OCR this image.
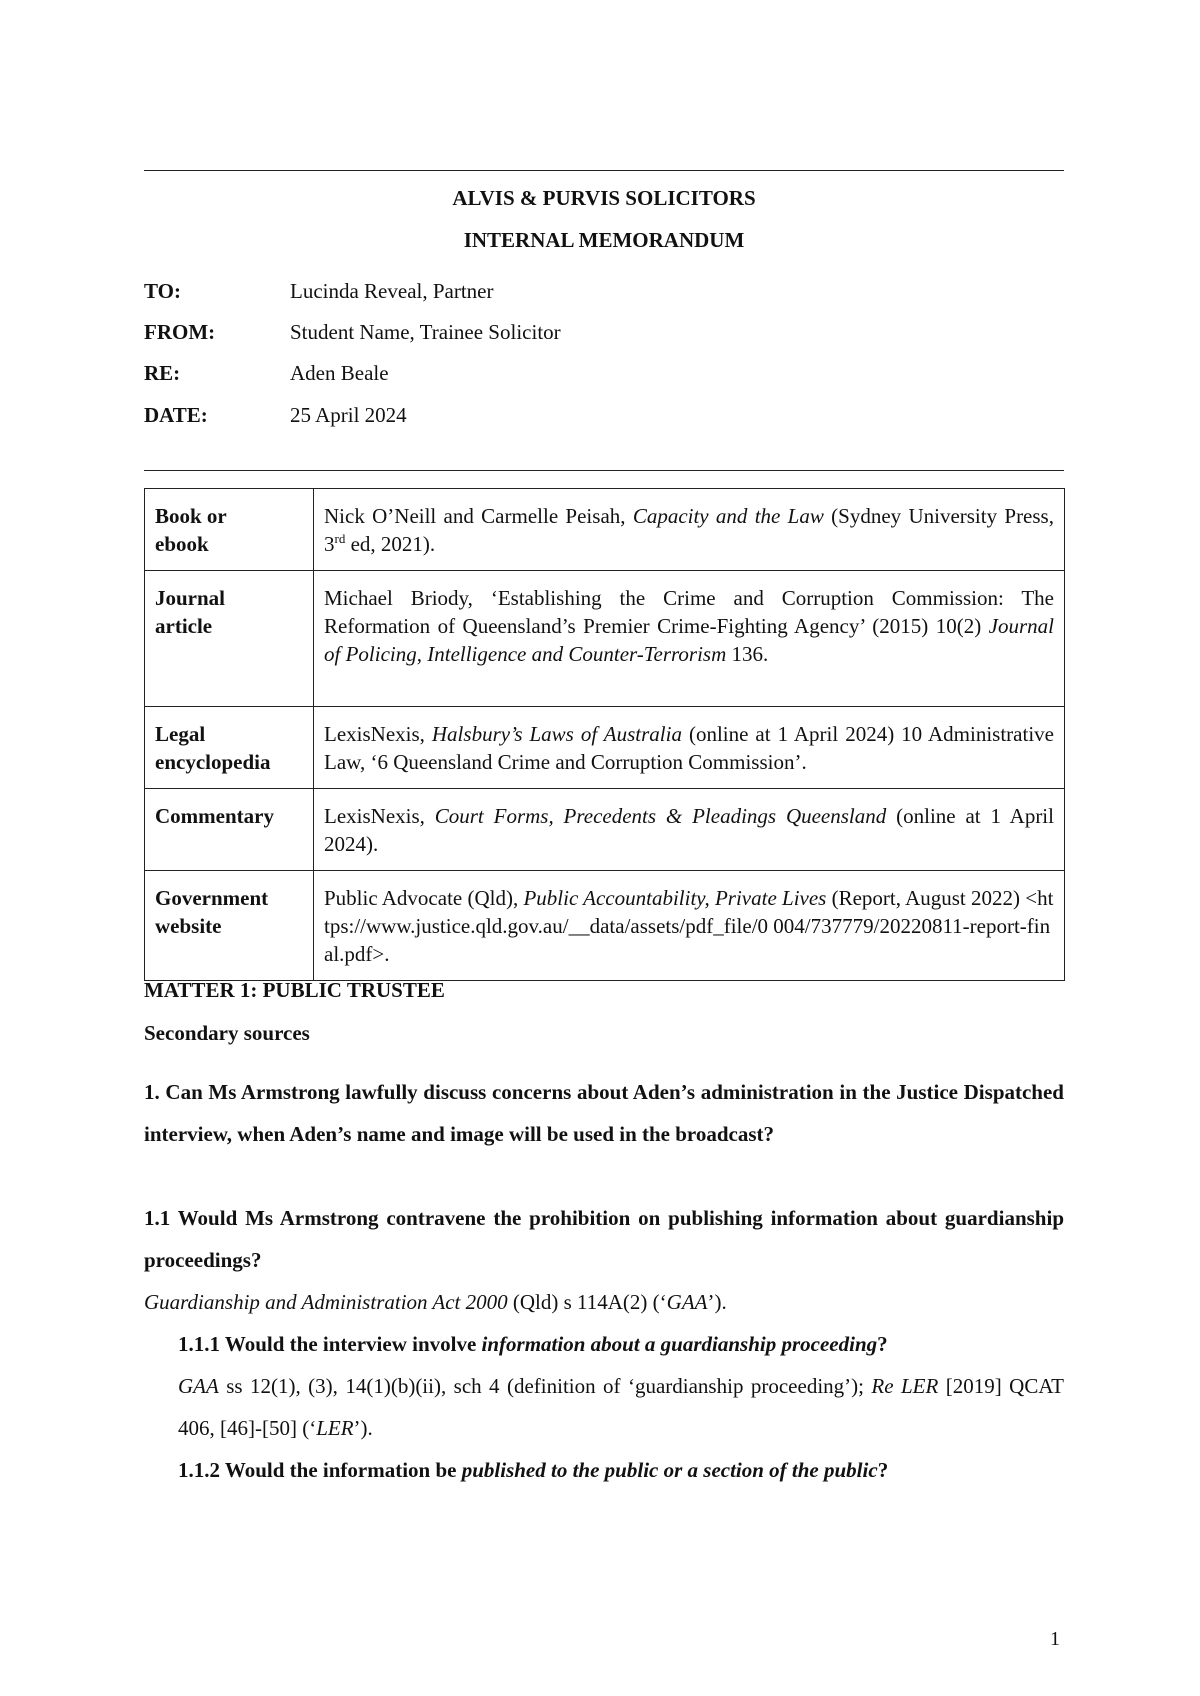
ALVIS & PURVIS SOLICITORS
INTERNAL MEMORANDUM
TO:	Lucinda Reveal, Partner
FROM:	Student Name, Trainee Solicitor
RE:	Aden Beale
DATE:	25 April 2024
Book or
ebook	Nick O’Neill and Carmelle Peisah, Capacity and the Law (Sydney University Press, 3rd ed, 2021).
Journal
article	Michael Briody, ‘Establishing the Crime and Corruption Commission: The Reformation of Queensland’s Premier Crime-Fighting Agency’ (2015) 10(2) Journal of Policing, Intelligence and Counter-Terrorism 136.
Legal
encyclopedia	LexisNexis, Halsbury’s Laws of Australia (online at 1 April 2024) 10 Administrative Law, ‘6 Queensland Crime and Corruption Commission’.
Commentary	LexisNexis, Court Forms, Precedents & Pleadings Queensland (online at 1 April 2024).
Government
website	Public Advocate (Qld), Public Accountability, Private Lives (Report, August 2022) <https://www.justice.qld.gov.au/__data/assets/pdf_file/0 004/737779/20220811-report-final.pdf>.
MATTER 1: PUBLIC TRUSTEE
Secondary sources
1. Can Ms Armstrong lawfully discuss concerns about Aden’s administration in the Justice Dispatched interview, when Aden’s name and image will be used in the broadcast?
1.1 Would Ms Armstrong contravene the prohibition on publishing information about guardianship proceedings?
Guardianship and Administration Act 2000 (Qld) s 114A(2) (‘GAA’).
1.1.1 Would the interview involve information about a guardianship proceeding?
GAA ss 12(1), (3), 14(1)(b)(ii), sch 4 (definition of ‘guardianship proceeding’); Re LER [2019] QCAT 406, [46]-[50] (‘LER’).
1.1.2 Would the information be published to the public or a section of the public?
1
